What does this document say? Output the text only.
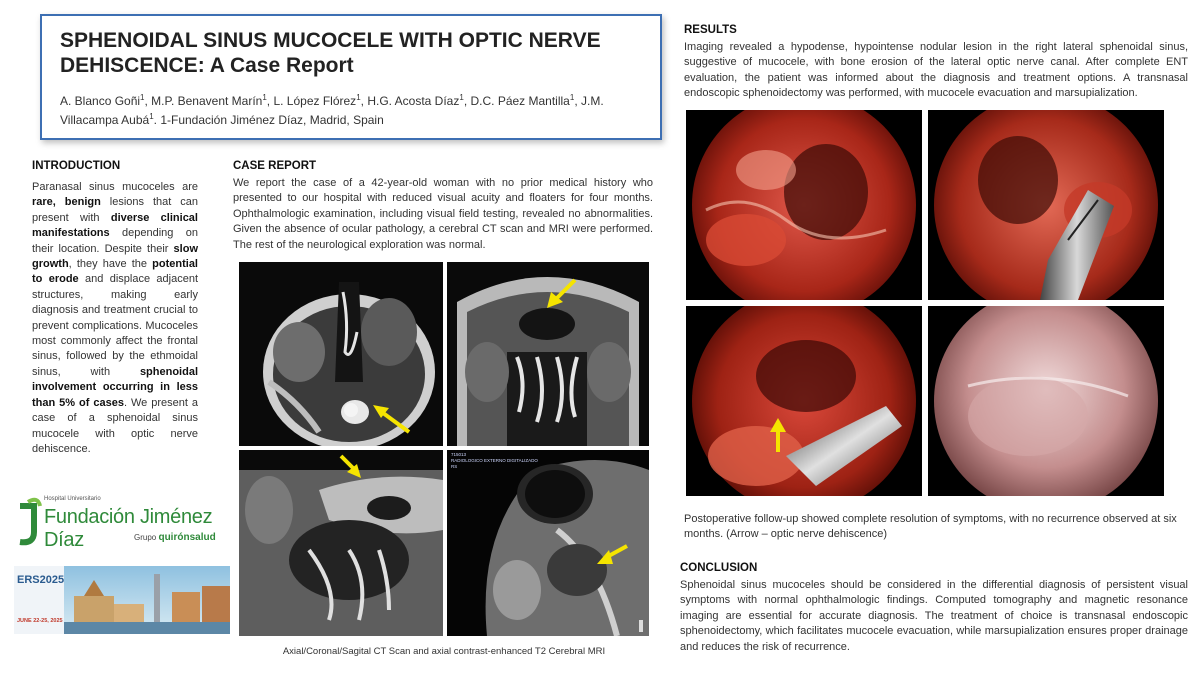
SPHENOIDAL SINUS MUCOCELE WITH OPTIC NERVE DEHISCENCE: A Case Report
A. Blanco Goñi$^1$, M.P. Benavent Marín$^1$, L. López Flórez$^1$, H.G. Acosta Díaz$^1$, D.C. Páez Mantilla$^1$, J.M. Villacampa Aubá$^1$. 1-Fundación Jiménez Díaz, Madrid, Spain
INTRODUCTION
Paranasal sinus mucoceles are rare, benign lesions that can present with diverse clinical manifestations depending on their location. Despite their slow growth, they have the potential to erode and displace adjacent structures, making early diagnosis and treatment crucial to prevent complications. Mucoceles most commonly affect the frontal sinus, followed by the ethmoidal sinus, with sphenoidal involvement occurring in less than 5% of cases. We present a case of a sphenoidal sinus mucocele with optic nerve dehiscence.
Hospital Universitario
Fundación Jiménez Díaz	Grupo quirónsalud
ERS2025
JUNE 22-25, 2025
CASE REPORT
We report the case of a 42-year-old woman with no prior medical history who presented to our hospital with reduced visual acuity and floaters for four months. Ophthalmologic examination, including visual field testing, revealed no abnormalities. Given the absence of ocular pathology, a cerebral CT scan and MRI were performed. The rest of the neurological exploration was normal.
715013
RADIOLOGICO EXTERNO DIGITALIZADO
RS
Axial/Coronal/Sagital CT Scan and axial contrast-enhanced T2 Cerebral MRI
RESULTS
Imaging revealed a hypodense, hypointense nodular lesion in the right lateral sphenoidal sinus, suggestive of mucocele, with bone erosion of the lateral optic nerve canal. After complete ENT evaluation, the patient was informed about the diagnosis and treatment options. A transnasal endoscopic sphenoidectomy was performed, with mucocele evacuation and marsupialization.
Postoperative follow-up showed complete resolution of symptoms, with no recurrence observed at six months. (Arrow – optic nerve dehiscence)
CONCLUSION
Sphenoidal sinus mucoceles should be considered in the differential diagnosis of persistent visual symptoms with normal ophthalmologic findings. Computed tomography and magnetic resonance imaging are essential for accurate diagnosis. The treatment of choice is transnasal endoscopic sphenoidectomy, which facilitates mucocele evacuation, while marsupialization ensures proper drainage and reduces the risk of recurrence.
